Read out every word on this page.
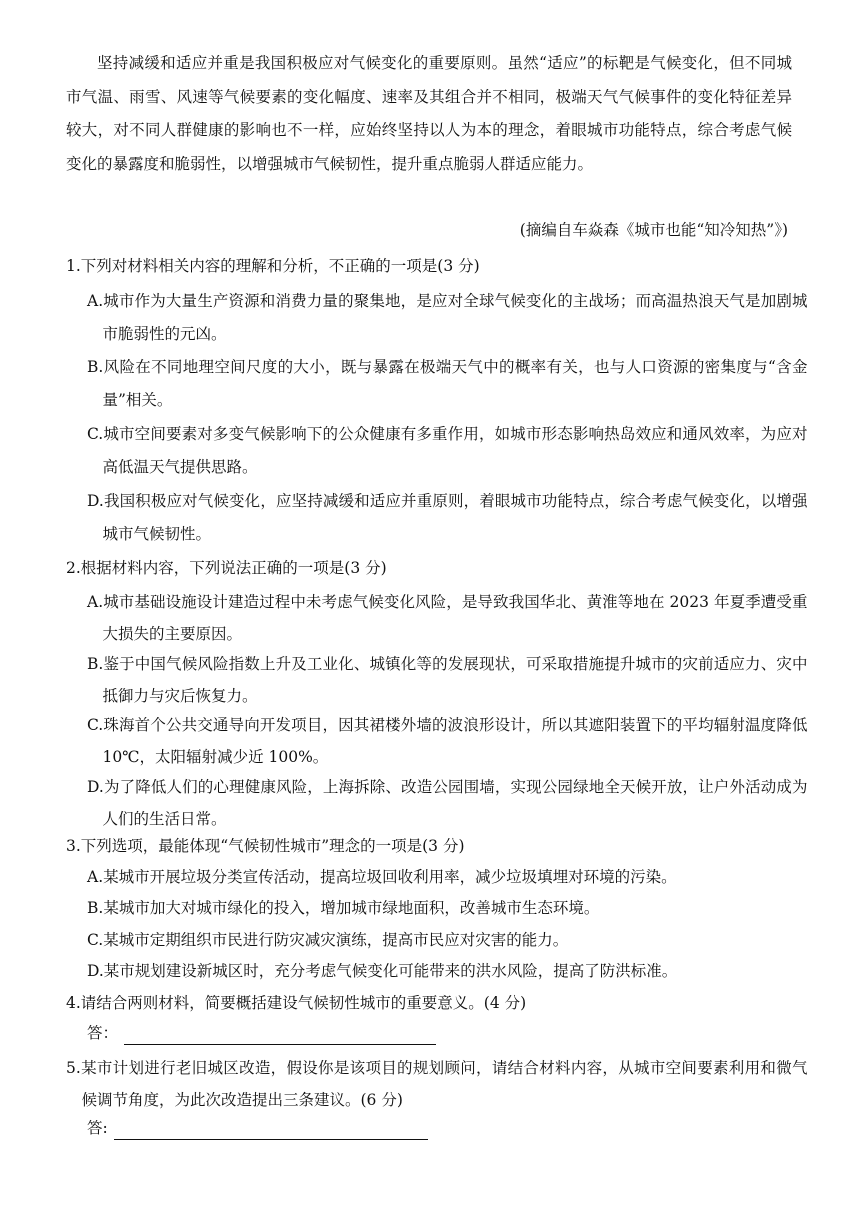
坚持减缓和适应并重是我国积极应对气候变化的重要原则。虽然“适应”的标靶是气候变化，但不同城市气温、雨雪、风速等气候要素的变化幅度、速率及其组合并不相同，极端天气气候事件的变化特征差异较大，对不同人群健康的影响也不一样，应始终坚持以人为本的理念，着眼城市功能特点，综合考虑气候变化的暴露度和脆弱性，以增强城市气候韧性，提升重点脆弱人群适应能力。

(摘编自车焱森《城市也能“知冷知热”》)
1.下列对材料相关内容的理解和分析，不正确的一项是(3 分)
A.城市作为大量生产资源和消费力量的聚集地，是应对全球气候变化的主战场；而高温热浪天气是加剧城市脆弱性的元凶。
B.风险在不同地理空间尺度的大小，既与暴露在极端天气中的概率有关，也与人口资源的密集度与“含金量”相关。
C.城市空间要素对多变气候影响下的公众健康有多重作用，如城市形态影响热岛效应和通风效率，为应对高低温天气提供思路。
D.我国积极应对气候变化，应坚持减缓和适应并重原则，着眼城市功能特点，综合考虑气候变化，以增强城市气候韧性。
2.根据材料内容，下列说法正确的一项是(3 分)
A.城市基础设施设计建造过程中未考虑气候变化风险，是导致我国华北、黄淮等地在 2023 年夏季遭受重大损失的主要原因。
B.鉴于中国气候风险指数上升及工业化、城镇化等的发展现状，可采取措施提升城市的灾前适应力、灾中抵御力与灾后恢复力。
C.珠海首个公共交通导向开发项目，因其裙楼外墙的波浪形设计，所以其遮阳装置下的平均辐射温度降低 10℃，太阳辐射减少近 100%。
D.为了降低人们的心理健康风险，上海拆除、改造公园围墙，实现公园绿地全天候开放，让户外活动成为人们的生活日常。
3.下列选项，最能体现“气候韧性城市”理念的一项是(3 分)
A.某城市开展垃圾分类宣传活动，提高垃圾回收利用率，减少垃圾填埋对环境的污染。
B.某城市加大对城市绿化的投入，增加城市绿地面积，改善城市生态环境。
C.某城市定期组织市民进行防灾减灾演练，提高市民应对灾害的能力。
D.某市规划建设新城区时，充分考虑气候变化可能带来的洪水风险，提高了防洪标准。
4.请结合两则材料，简要概括建设气候韧性城市的重要意义。(4 分)
答：
5.某市计划进行老旧城区改造，假设你是该项目的规划顾问，请结合材料内容，从城市空间要素利用和微气候调节角度，为此次改造提出三条建议。(6 分)
答:
